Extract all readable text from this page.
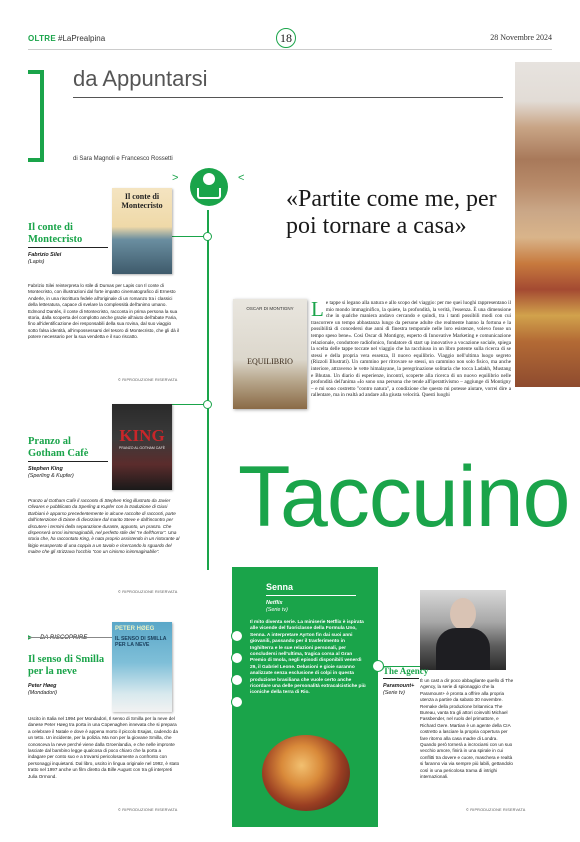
OLTRE #LaPrealpina	18	28 Novembre 2024
da Appuntarsi
di Sara Magnoli e Francesco Rossetti
>	<
Il conte di Montecristo
Il conte di Montecristo
Fabrizio Silei
(Lapis)
Fabrizio Silei reinterpreta lo stile di Dumas per Lapis con Il conte di Montecristo, con illustrazioni dal forte impatto cinematografico di Ernesto Anderle, in una riscrittura fedele all'originale di un romanzo tra i classici della letteratura, capace di svelare la complessità dell'animo umano. Edmond Dantès, il conte di Montecristo, racconta in prima persona la sua storia, dalla scoperta del complotto anche grazie all'aiuto dell'abate Faria, fino all'identificazione dei responsabili della sua rovina, dal suo viaggio sotto falsa identità, all'impossessarsi del tesoro di Montecristo, che gli dà il potere necessario per la sua vendetta e il suo riscatto.
© RIPRODUZIONE RISERVATA
KING
PRANZO AL GOTHAM CAFÈ
Pranzo al Gotham Cafè
Stephen King
(Sperling & Kupfer)
Pranzo al Gotham Cafè il racconto di Stephen King illustrato da Javier Olivares e pubblicato da Sperling & Kupfer con la traduzione di Giusi Barbiani è apparso precedentemente in alcune raccolte di racconti, parte dall'intenzione di Diane di divorziare dal marito Steve e dall'incontro per discutere i termini della separazione durante, appunto, un pranzo. Che dispenserà orrori inimmaginabili, nel perfetto stile del "re dell'horror". Una storia che, ha raccontato King, è nata proprio assistendo in un ristorante al litigio esasperato di una coppia a un tavolo e ricercando lo sguardo del maitre che gli strizzava l'occhio "con un cinismo inimmaginabile".
© RIPRODUZIONE RISERVATA
▶ DA RISCOPRIRE
PETER HØEG
IL SENSO DI SMILLA PER LA NEVE
Il senso di Smilla per la neve
Peter Høeg
(Mondadori)
Uscito in Italia nel 1994 per Mondadori, Il senso di Smilla per la neve del danese Peter Høeg tra porta in una Copenaghen innevata che si prepara a celebrare il Natale e dove è appena morto il piccolo Esajas, cadendo da un tetto. Un incidente, per la polizia. Ma non per la giovane Smilla, che conosceva la neve perché viene dalla Groenlandia, e che nelle impronte lasciate dal bambino legge qualcosa di poco chiaro che la porta a indagare per conto suo e a trovarsi pericolosamente a confronto con personaggi inquietanti. Dal libro, uscito in lingua originale nel 1992, è stato tratto nel 1997 anche un film diretto da Bille August con tra gli interpreti Julia Ormond.
© RIPRODUZIONE RISERVATA
«Partite come me, per poi tornare a casa»
OSCAR DI MONTIGNY
EQUILIBRIO
L e tappe si legano alla natura e allo scopo del viaggio: per me quei luoghi rappresentano il mio mondo immaginifico, la quiete, la profondità, la verità, l'essenza. È una dimensione che in qualche maniera andavo cercando e quindi, tra i tanti possibili modi con cui trascorrere un tempo abbastanza lungo da persone adulte che realmente hanno la fortuna e la possibilità di concedersi due anni di finestra temporale nelle loro esistenze, volevo fosse un tempo speso bene». Così Oscar di Montigny, esperto di Innovative Marketing e comunicazione relazionale, conduttore radiofonico, fondatore di start up innovative a vocazione sociale, spiega la scelta delle tappe toccate nel viaggio che ha racchiuso in un libro potente sulla ricerca di se stessi e della propria vera essenza, Il nuovo equilibrio. Viaggio nell'ultima luogo segreto (Rizzoli Illustrati). Un cammino per ritrovare se stessi, un cammino non solo fisico, ma anche interiore, attraverso le vette himalayane, la peregrinazione solitaria che tocca Ladakh, Mustang e Bhutan. Un diario di esperienze, incontri, scoperte alla ricerca di un nuovo equilibrio nelle profondità dell'anima «Io sono una persona che tende all'iperattivismo – aggiunge di Montigny – e mi sono costretto "contro natura", a condizione che questo mi potesse aiutare, vorrei dire a rallentare, ma in realtà ad andare alla giusta velocità. Questi luoghi
Taccuino
Senna
Netflix
(Serie tv)
Il mito diventa serie. La miniserie Netflix è ispirata alle vicende del fuoriclasse della Formula Uno, Senna. A interpretare Ayrton fin dai suoi anni giovanili, passando per il trasferimento in Inghilterra e le sue relazioni personali, per concludersi nell'ultima, tragica corsa al Gran Premio di Imola, negli episodi disponibili venerdì 29, il Gabriel Leone. Delusioni e gioie saranno analizzate senza esclusione di colpi in questa produzione brasiliana che vuole certo anche ricordare una delle personalità extracalcistiche più iconiche della terra di Rio.
The Agency
Paramount+
(Serie tv)
È un cast a dir poco abbagliante quello di The Agency, la serie di spionaggio che la Paramount+ è pronta a offrire alla propria utenza a partire da sabato 30 novembre. Remake della produzione britannica The Bureau, vanta tra gli attori coinvolti Michael Fassbender, nel ruolo del primattore, e Richard Gere. Martian è un agente della CIA costretto a lasciare la propria copertura per fare ritorno alla casa madre di Londra. Quando però tornerà a incrociarsi con un suo vecchio amore, finirà in una spirale in cui conflitti tra dovere e cuore, maschera e realtà si faranno via via sempre più labili, gettandolo così in una pericolosa trama di intrighi internazionali.
© RIPRODUZIONE RISERVATA
